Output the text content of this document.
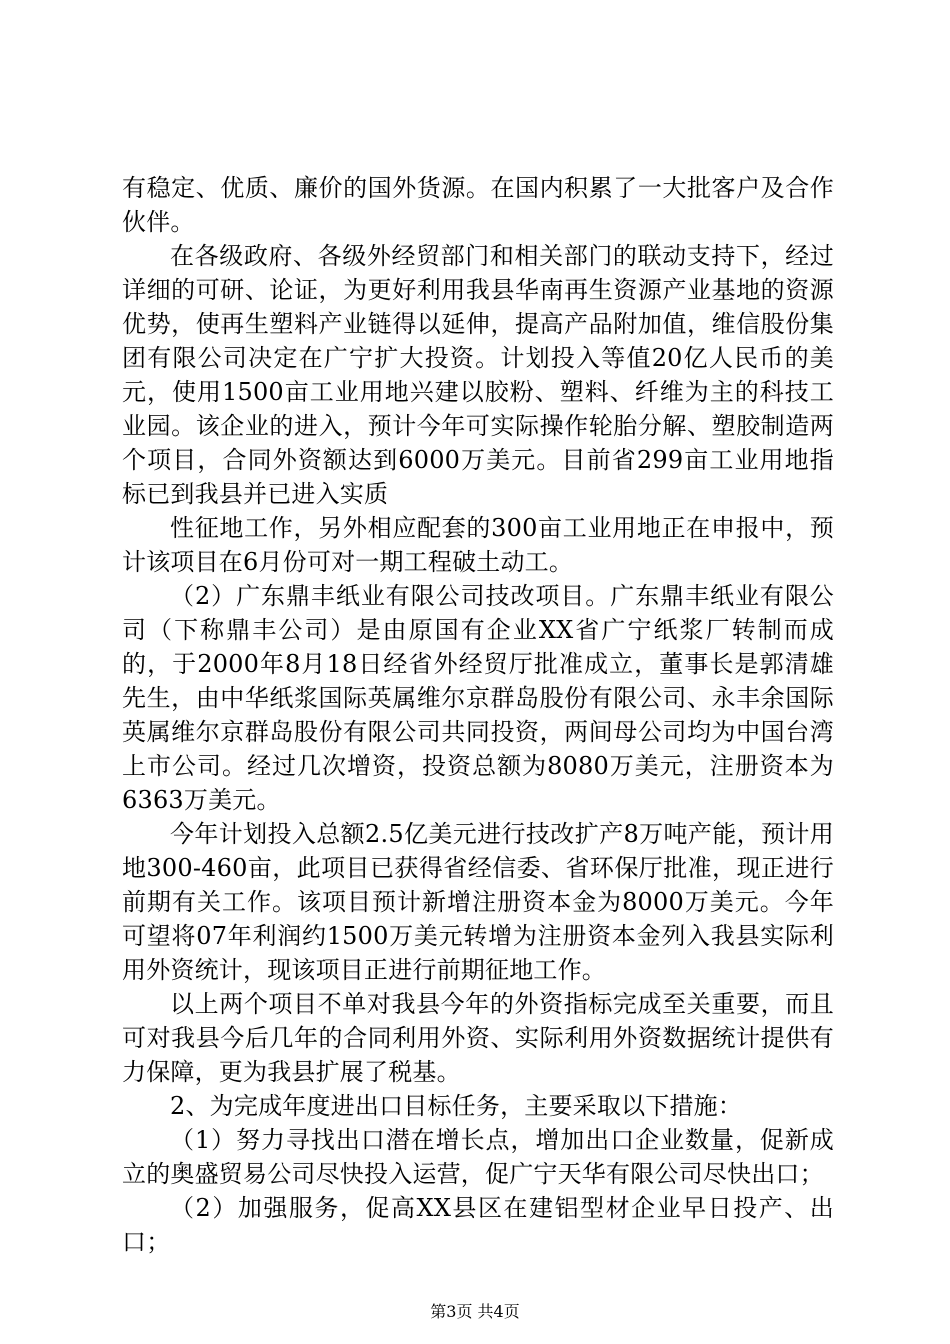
有稳定、优质、廉价的国外货源。在国内积累了一大批客户及合作伙伴。

在各级政府、各级外经贸部门和相关部门的联动支持下，经过详细的可研、论证，为更好利用我县华南再生资源产业基地的资源优势，使再生塑料产业链得以延伸，提高产品附加值，维信股份集团有限公司决定在广宁扩大投资。计划投入等值20亿人民币的美元，使用1500亩工业用地兴建以胶粉、塑料、纤维为主的科技工业园。该企业的进入，预计今年可实际操作轮胎分解、塑胶制造两个项目，合同外资额达到6000万美元。目前省299亩工业用地指标已到我县并已进入实质

性征地工作，另外相应配套的300亩工业用地正在申报中，预计该项目在6月份可对一期工程破土动工。

（2）广东鼎丰纸业有限公司技改项目。广东鼎丰纸业有限公司（下称鼎丰公司）是由原国有企业XX省广宁纸浆厂转制而成的，于2000年8月18日经省外经贸厅批准成立，董事长是郭清雄先生，由中华纸浆国际英属维尔京群岛股份有限公司、永丰余国际英属维尔京群岛股份有限公司共同投资，两间母公司均为中国台湾上市公司。经过几次增资，投资总额为8080万美元，注册资本为6363万美元。

今年计划投入总额2.5亿美元进行技改扩产8万吨产能，预计用地300-460亩，此项目已获得省经信委、省环保厅批准，现正进行前期有关工作。该项目预计新增注册资本金为8000万美元。今年可望将07年利润约1500万美元转增为注册资本金列入我县实际利用外资统计，现该项目正进行前期征地工作。

以上两个项目不单对我县今年的外资指标完成至关重要，而且可对我县今后几年的合同利用外资、实际利用外资数据统计提供有力保障，更为我县扩展了税基。

2、为完成年度进出口目标任务，主要采取以下措施：

（1）努力寻找出口潜在增长点，增加出口企业数量，促新成立的奥盛贸易公司尽快投入运营，促广宁天华有限公司尽快出口；

（2）加强服务，促高XX县区在建铝型材企业早日投产、出口；

第3页 共4页
